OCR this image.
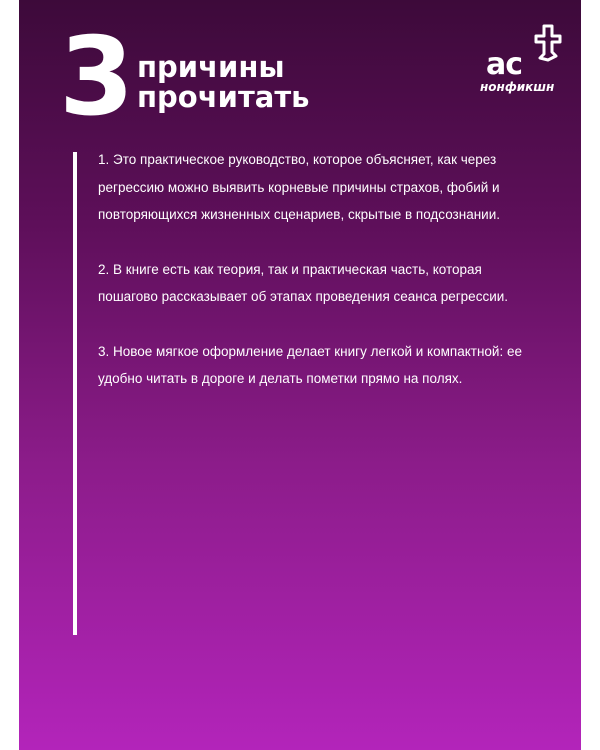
3 причины
прочитать
ас
нонфикшн

1. Это практическое руководство, которое объясняет, как через регрессию можно выявить корневые причины страхов, фобий и повторяющихся жизненных сценариев, скрытые в подсознании.

2. В книге есть как теория, так и практическая часть, которая пошагово рассказывает об этапах проведения сеанса регрессии.

3. Новое мягкое оформление делает книгу легкой и компактной: ее удобно читать в дороге и делать пометки прямо на полях.
